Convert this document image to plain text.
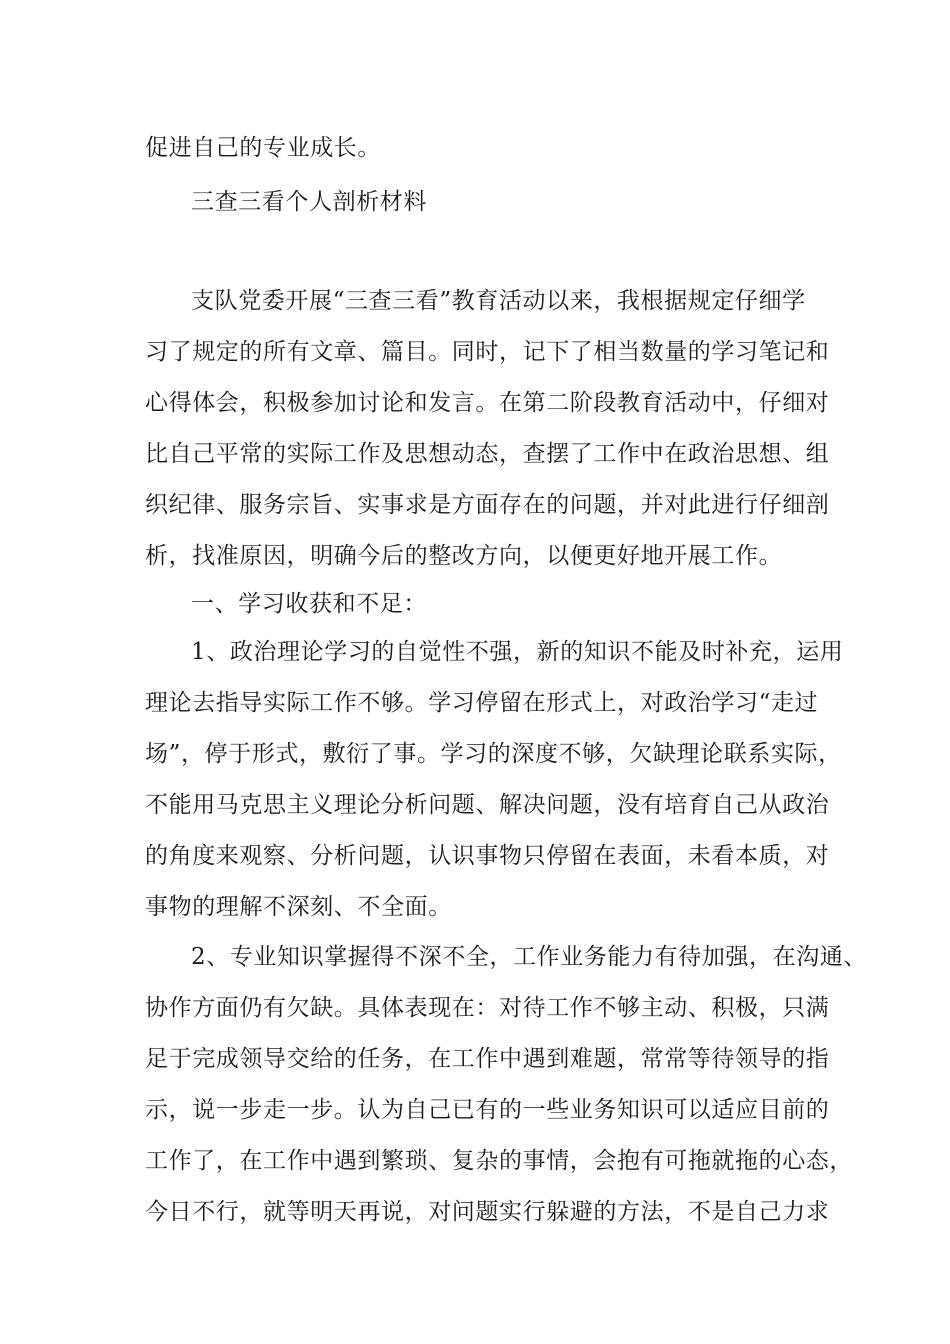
促进自己的专业成长。
三查三看个人剖析材料
支队党委开展“三查三看”教育活动以来，我根据规定仔细学
习了规定的所有文章、篇目。同时，记下了相当数量的学习笔记和
心得体会，积极参加讨论和发言。在第二阶段教育活动中，仔细对
比自己平常的实际工作及思想动态，查摆了工作中在政治思想、组
织纪律、服务宗旨、实事求是方面存在的问题，并对此进行仔细剖
析，找准原因，明确今后的整改方向，以便更好地开展工作。
一、学习收获和不足：
1、政治理论学习的自觉性不强，新的知识不能及时补充，运用
理论去指导实际工作不够。学习停留在形式上，对政治学习“走过
场”，停于形式，敷衍了事。学习的深度不够，欠缺理论联系实际，
不能用马克思主义理论分析问题、解决问题，没有培育自己从政治
的角度来观察、分析问题，认识事物只停留在表面，未看本质，对
事物的理解不深刻、不全面。
2、专业知识掌握得不深不全，工作业务能力有待加强，在沟通、
协作方面仍有欠缺。具体表现在：对待工作不够主动、积极，只满
足于完成领导交给的任务，在工作中遇到难题，常常等待领导的指
示，说一步走一步。认为自己已有的一些业务知识可以适应目前的
工作了，在工作中遇到繁琐、复杂的事情，会抱有可拖就拖的心态，
今日不行，就等明天再说，对问题实行躲避的方法，不是自己力求
